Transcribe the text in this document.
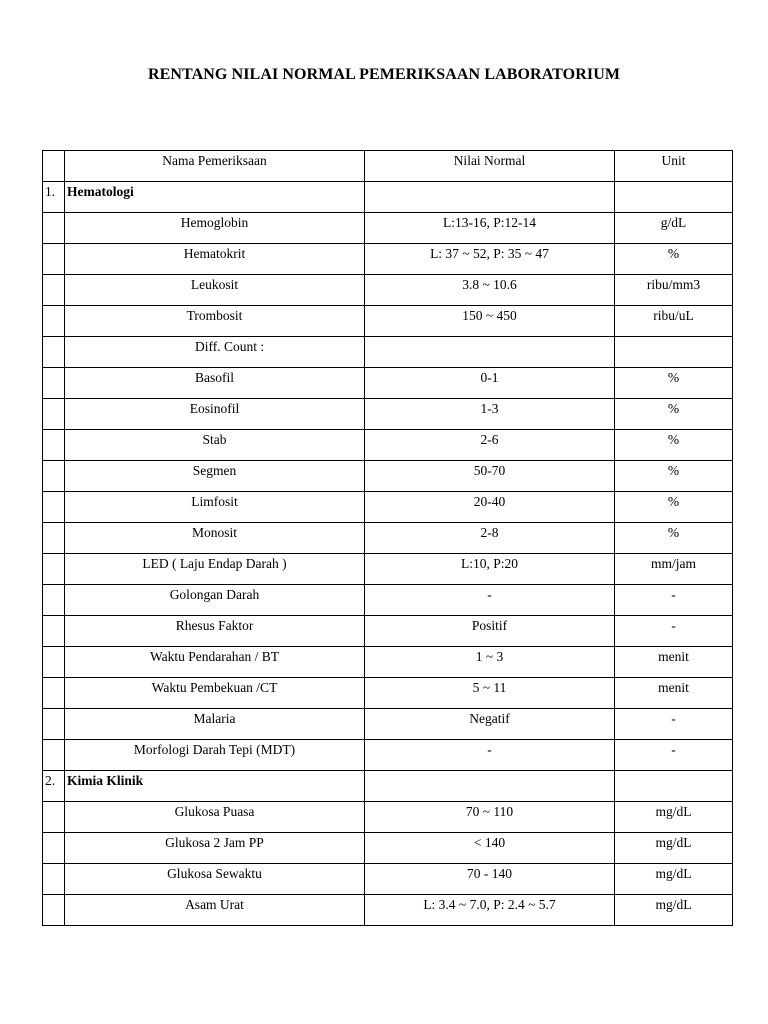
RENTANG NILAI NORMAL PEMERIKSAAN LABORATORIUM
	Nama Pemeriksaan	Nilai Normal	Unit
1.	Hematologi		
	Hemoglobin	L:13-16, P:12-14	g/dL
	Hematokrit	L: 37 ~ 52, P: 35 ~ 47	%
	Leukosit	3.8 ~ 10.6	ribu/mm3
	Trombosit	150 ~ 450	ribu/uL
	Diff. Count :		
	Basofil	0-1	%
	Eosinofil	1-3	%
	Stab	2-6	%
	Segmen	50-70	%
	Limfosit	20-40	%
	Monosit	2-8	%
	LED ( Laju Endap Darah )	L:10, P:20	mm/jam
	Golongan Darah	-	-
	Rhesus Faktor	Positif	-
	Waktu Pendarahan / BT	1 ~ 3	menit
	Waktu Pembekuan /CT	5 ~ 11	menit
	Malaria	Negatif	-
	Morfologi Darah Tepi (MDT)	-	-
2.	Kimia Klinik		
	Glukosa Puasa	70 ~ 110	mg/dL
	Glukosa 2 Jam PP	< 140	mg/dL
	Glukosa Sewaktu	70 - 140	mg/dL
	Asam Urat	L: 3.4 ~ 7.0, P: 2.4 ~ 5.7	mg/dL
